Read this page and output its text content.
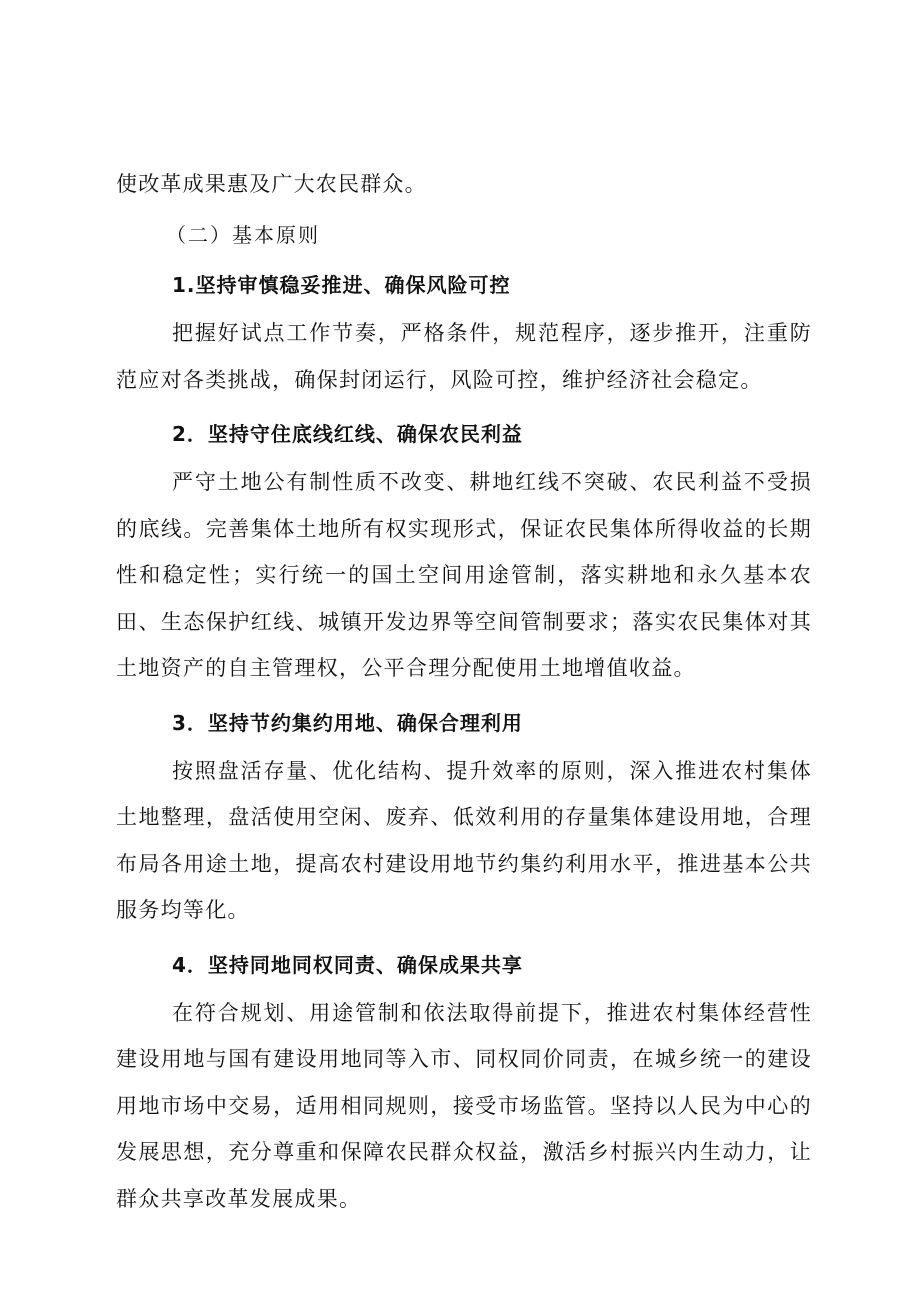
使改革成果惠及广大农民群众。

（二）基本原则

1.坚持审慎稳妥推进、确保风险可控

把握好试点工作节奏，严格条件，规范程序，逐步推开，注重防范应对各类挑战，确保封闭运行，风险可控，维护经济社会稳定。

2．坚持守住底线红线、确保农民利益

严守土地公有制性质不改变、耕地红线不突破、农民利益不受损的底线。完善集体土地所有权实现形式，保证农民集体所得收益的长期性和稳定性；实行统一的国土空间用途管制，落实耕地和永久基本农田、生态保护红线、城镇开发边界等空间管制要求；落实农民集体对其土地资产的自主管理权，公平合理分配使用土地增值收益。

3．坚持节约集约用地、确保合理利用

按照盘活存量、优化结构、提升效率的原则，深入推进农村集体土地整理，盘活使用空闲、废弃、低效利用的存量集体建设用地，合理布局各用途土地，提高农村建设用地节约集约利用水平，推进基本公共服务均等化。

4．坚持同地同权同责、确保成果共享

在符合规划、用途管制和依法取得前提下，推进农村集体经营性建设用地与国有建设用地同等入市、同权同价同责，在城乡统一的建设用地市场中交易，适用相同规则，接受市场监管。坚持以人民为中心的发展思想，充分尊重和保障农民群众权益，激活乡村振兴内生动力，让群众共享改革发展成果。
